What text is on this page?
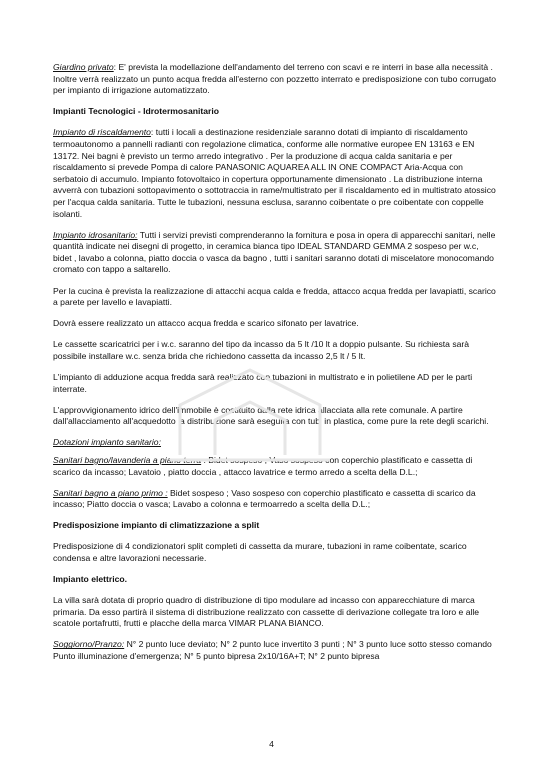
Giardino privato: E' prevista la modellazione dell'andamento del terreno con scavi e re interri in base alla necessità . Inoltre verrà realizzato un punto acqua fredda all'esterno con pozzetto interrato e predisposizione con tubo corrugato per impianto di irrigazione automatizzato.

Impianti Tecnologici - Idrotermosanitario

Impianto di riscaldamento: tutti i locali a destinazione residenziale saranno dotati di impianto di riscaldamento termoautonomo a pannelli radianti con regolazione climatica, conforme alle normative europee EN 13163 e EN 13172. Nei bagni è previsto un termo arredo integrativo . Per la produzione di acqua calda sanitaria e per riscaldamento si prevede Pompa di calore PANASONIC AQUAREA ALL IN ONE COMPACT Aria-Acqua con serbatoio di accumulo. Impianto fotovoltaico in copertura opportunamente dimensionato . La distribuzione interna avverrà con tubazioni sottopavimento o sottotraccia in rame/multistrato per il riscaldamento ed in multistrato atossico per l'acqua calda sanitaria. Tutte le tubazioni, nessuna esclusa, saranno coibentate o pre coibentate con coppelle isolanti.

Impianto idrosanitario: Tutti i servizi previsti comprenderanno la fornitura e posa in opera di apparecchi sanitari, nelle quantità indicate nei disegni di progetto, in ceramica bianca tipo IDEAL STANDARD GEMMA 2 sospeso per w.c, bidet , lavabo a colonna, piatto doccia o vasca da bagno , tutti i sanitari saranno dotati di miscelatore monocomando cromato con tappo a saltarello.

Per la cucina è prevista la realizzazione di attacchi acqua calda e fredda, attacco acqua fredda per lavapiatti, scarico a parete per lavello e lavapiatti.

Dovrà essere realizzato un attacco acqua fredda e scarico sifonato per lavatrice.

Le cassette scaricatrici per i w.c. saranno del tipo da incasso da 5 lt /10 lt a doppio pulsante. Su richiesta sarà possibile installare w.c. senza brida che richiedono cassetta da incasso 2,5 lt / 5 lt.

L'impianto di adduzione acqua fredda sarà realizzato con tubazioni in multistrato e in polietilene AD per le parti interrate.

L'approvvigionamento idrico dell'immobile è costituito dalla rete idrica allacciata alla rete comunale. A partire dall'allacciamento all'acquedotto la distribuzione sarà eseguita con tubi in plastica, come pure la rete degli scarichi.

Dotazioni impianto sanitario:

Sanitari bagno/lavanderia a piano terra : Bidet sospeso ; Vaso sospeso con coperchio plastificato e cassetta di scarico da incasso; Lavatoio , piatto doccia , attacco lavatrice e termo arredo a scelta della D.L.;

Sanitari bagno a piano primo : Bidet sospeso ; Vaso sospeso con coperchio plastificato e cassetta di scarico da incasso; Piatto doccia o vasca; Lavabo a colonna e termoarredo a scelta della D.L.;

Predisposizione impianto di climatizzazione a split

Predisposizione di 4 condizionatori split completi di cassetta da murare, tubazioni in rame coibentate, scarico condensa e altre lavorazioni necessarie.

Impianto elettrico.

La villa sarà dotata di proprio quadro di distribuzione di tipo modulare ad incasso con apparecchiature di marca primaria. Da esso partirà il sistema di distribuzione realizzato con cassette di derivazione collegate tra loro e alle scatole portafrutti, frutti e placche della marca VIMAR PLANA BIANCO.

Soggiorno/Pranzo: N° 2 punto luce deviato; N° 2 punto luce invertito 3 punti ; N° 3 punto luce sotto stesso comando Punto illuminazione d'emergenza; N° 5 punto bipresa 2x10/16A+T; N° 2 punto bipresa

4
